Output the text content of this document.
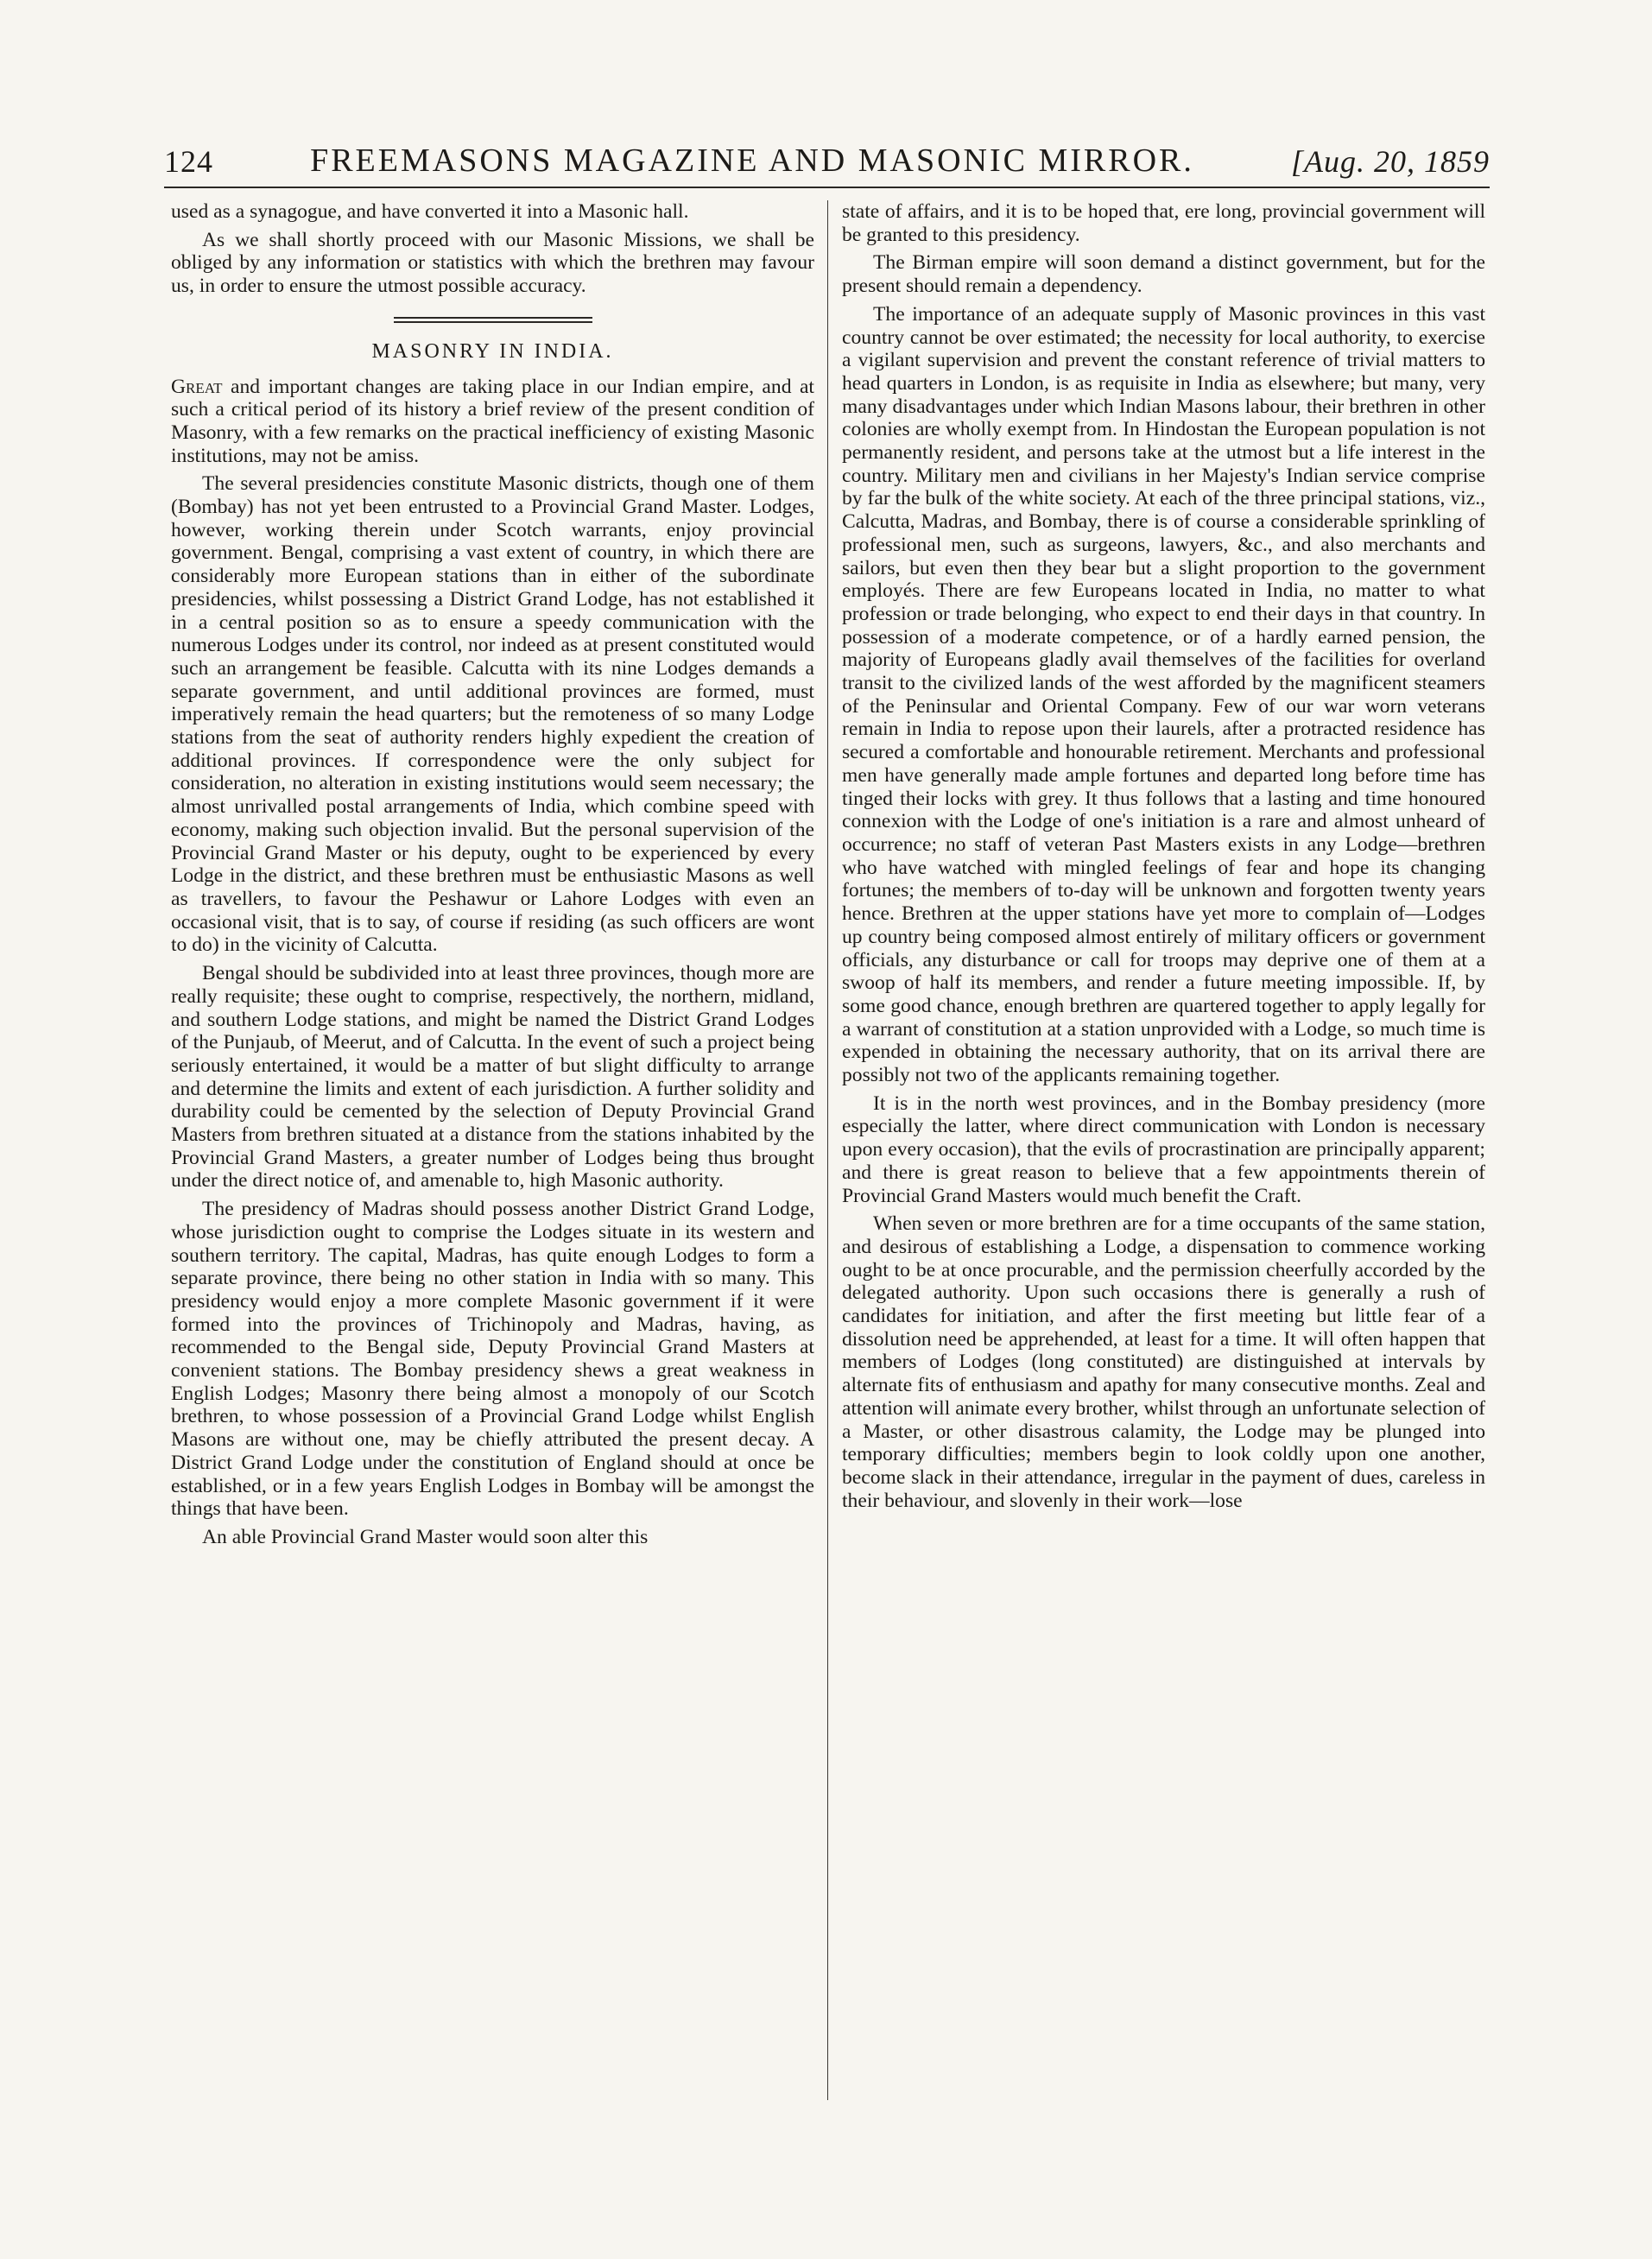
124	FREEMASONS MAGAZINE AND MASONIC MIRROR.	[Aug. 20, 1859

used as a synagogue, and have converted it into a Masonic hall.

As we shall shortly proceed with our Masonic Missions, we shall be obliged by any information or statistics with which the brethren may favour us, in order to ensure the utmost possible accuracy.

MASONRY IN INDIA.

Great and important changes are taking place in our Indian empire, and at such a critical period of its history a brief review of the present condition of Masonry, with a few remarks on the practical inefficiency of existing Masonic institutions, may not be amiss.

The several presidencies constitute Masonic districts, though one of them (Bombay) has not yet been entrusted to a Provincial Grand Master. Lodges, however, working therein under Scotch warrants, enjoy provincial government. Bengal, comprising a vast extent of country, in which there are considerably more European stations than in either of the subordinate presidencies, whilst possessing a District Grand Lodge, has not established it in a central position so as to ensure a speedy communication with the numerous Lodges under its control, nor indeed as at present constituted would such an arrangement be feasible. Calcutta with its nine Lodges demands a separate government, and until additional provinces are formed, must imperatively remain the head quarters; but the remoteness of so many Lodge stations from the seat of authority renders highly expedient the creation of additional provinces. If correspondence were the only subject for consideration, no alteration in existing institutions would seem necessary; the almost unrivalled postal arrangements of India, which combine speed with economy, making such objection invalid. But the personal supervision of the Provincial Grand Master or his deputy, ought to be experienced by every Lodge in the district, and these brethren must be enthusiastic Masons as well as travellers, to favour the Peshawur or Lahore Lodges with even an occasional visit, that is to say, of course if residing (as such officers are wont to do) in the vicinity of Calcutta.

Bengal should be subdivided into at least three provinces, though more are really requisite; these ought to comprise, respectively, the northern, midland, and southern Lodge stations, and might be named the District Grand Lodges of the Punjaub, of Meerut, and of Calcutta. In the event of such a project being seriously entertained, it would be a matter of but slight difficulty to arrange and determine the limits and extent of each jurisdiction. A further solidity and durability could be cemented by the selection of Deputy Provincial Grand Masters from brethren situated at a distance from the stations inhabited by the Provincial Grand Masters, a greater number of Lodges being thus brought under the direct notice of, and amenable to, high Masonic authority.

The presidency of Madras should possess another District Grand Lodge, whose jurisdiction ought to comprise the Lodges situate in its western and southern territory. The capital, Madras, has quite enough Lodges to form a separate province, there being no other station in India with so many. This presidency would enjoy a more complete Masonic government if it were formed into the provinces of Trichinopoly and Madras, having, as recommended to the Bengal side, Deputy Provincial Grand Masters at convenient stations. The Bombay presidency shews a great weakness in English Lodges; Masonry there being almost a monopoly of our Scotch brethren, to whose possession of a Provincial Grand Lodge whilst English Masons are without one, may be chiefly attributed the present decay. A District Grand Lodge under the constitution of England should at once be established, or in a few years English Lodges in Bombay will be amongst the things that have been.

An able Provincial Grand Master would soon alter this

state of affairs, and it is to be hoped that, ere long, provincial government will be granted to this presidency.

The Birman empire will soon demand a distinct government, but for the present should remain a dependency.

The importance of an adequate supply of Masonic provinces in this vast country cannot be over estimated; the necessity for local authority, to exercise a vigilant supervision and prevent the constant reference of trivial matters to head quarters in London, is as requisite in India as elsewhere; but many, very many disadvantages under which Indian Masons labour, their brethren in other colonies are wholly exempt from. In Hindostan the European population is not permanently resident, and persons take at the utmost but a life interest in the country. Military men and civilians in her Majesty's Indian service comprise by far the bulk of the white society. At each of the three principal stations, viz., Calcutta, Madras, and Bombay, there is of course a considerable sprinkling of professional men, such as surgeons, lawyers, &c., and also merchants and sailors, but even then they bear but a slight proportion to the government employés. There are few Europeans located in India, no matter to what profession or trade belonging, who expect to end their days in that country. In possession of a moderate competence, or of a hardly earned pension, the majority of Europeans gladly avail themselves of the facilities for overland transit to the civilized lands of the west afforded by the magnificent steamers of the Peninsular and Oriental Company. Few of our war worn veterans remain in India to repose upon their laurels, after a protracted residence has secured a comfortable and honourable retirement. Merchants and professional men have generally made ample fortunes and departed long before time has tinged their locks with grey. It thus follows that a lasting and time honoured connexion with the Lodge of one's initiation is a rare and almost unheard of occurrence; no staff of veteran Past Masters exists in any Lodge—brethren who have watched with mingled feelings of fear and hope its changing fortunes; the members of to-day will be unknown and forgotten twenty years hence. Brethren at the upper stations have yet more to complain of—Lodges up country being composed almost entirely of military officers or government officials, any disturbance or call for troops may deprive one of them at a swoop of half its members, and render a future meeting impossible. If, by some good chance, enough brethren are quartered together to apply legally for a warrant of constitution at a station unprovided with a Lodge, so much time is expended in obtaining the necessary authority, that on its arrival there are possibly not two of the applicants remaining together.

It is in the north west provinces, and in the Bombay presidency (more especially the latter, where direct communication with London is necessary upon every occasion), that the evils of procrastination are principally apparent; and there is great reason to believe that a few appointments therein of Provincial Grand Masters would much benefit the Craft.

When seven or more brethren are for a time occupants of the same station, and desirous of establishing a Lodge, a dispensation to commence working ought to be at once procurable, and the permission cheerfully accorded by the delegated authority. Upon such occasions there is generally a rush of candidates for initiation, and after the first meeting but little fear of a dissolution need be apprehended, at least for a time. It will often happen that members of Lodges (long constituted) are distinguished at intervals by alternate fits of enthusiasm and apathy for many consecutive months. Zeal and attention will animate every brother, whilst through an unfortunate selection of a Master, or other disastrous calamity, the Lodge may be plunged into temporary difficulties; members begin to look coldly upon one another, become slack in their attendance, irregular in the payment of dues, careless in their behaviour, and slovenly in their work—lose
